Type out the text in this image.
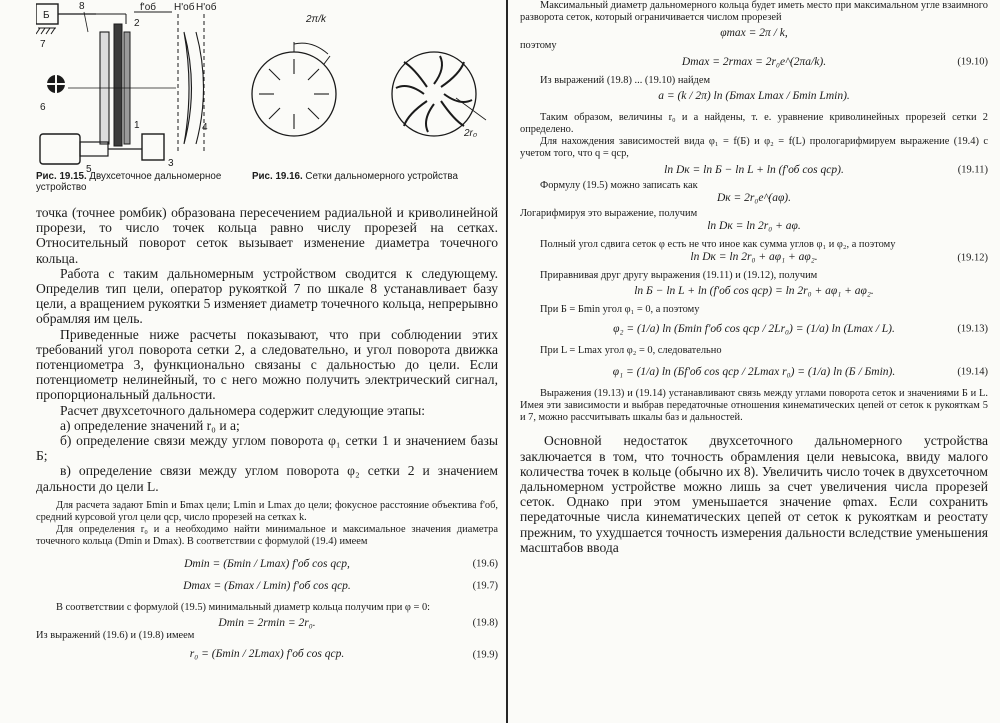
Б
7
8
6
2
1
f'об Н'об Н'об
4
5
3
2π/k
2r₀
Рис. 19.15. Двухсеточное дальномерное устройство
Рис. 19.16. Сетки дальномерного устройства

точка (точнее ромбик) образована пересечением радиальной и криволинейной прорези, то число точек кольца равно числу прорезей на сетках. Относительный поворот сеток вызывает изменение диаметра точечного кольца.

Работа с таким дальномерным устройством сводится к следующему. Определив тип цели, оператор рукояткой 7 по шкале 8 устанавливает базу цели, а вращением рукоятки 5 изменяет диаметр точечного кольца, непрерывно обрамляя им цель.

Приведенные ниже расчеты показывают, что при соблюдении этих требований угол поворота сетки 2, а следовательно, и угол поворота движка потенциометра 3, функционально связаны с дальностью до цели. Если потенциометр нелинейный, то с него можно получить электрический сигнал, пропорциональный дальности.

Расчет двухсеточного дальномера содержит следующие этапы:

а) определение значений r₀ и a;

б) определение связи между углом поворота φ₁ сетки 1 и значением базы Б;

в) определение связи между углом поворота φ₂ сетки 2 и значением дальности до цели L.

Для расчета задают Бmin и Бmax цели; Lmin и Lmax до цели; фокусное расстояние объектива f'об, средний курсовой угол цели qср, число прорезей на сетках k.

Для определения r₀ и a необходимо найти минимальное и максимальное значения диаметра точечного кольца (Dmin и Dmax). В соответствии с формулой (19.4) имеем

Dmin = (Бmin / Lmax) f'об cos qср,	(19.6)
Dmax = (Бmax / Lmin) f'об cos qср.	(19.7)

В соответствии с формулой (19.5) минимальный диаметр кольца получим при φ = 0:

Dmin = 2rmin = 2r₀.	(19.8)

Из выражений (19.6) и (19.8) имеем

r₀ = (Бmin / 2Lmax) f'об cos qср.	(19.9)

Максимальный диаметр дальномерного кольца будет иметь место при максимальном угле взаимного разворота сеток, который ограничивается числом прорезей

φmax = 2π / k,

поэтому

Dmax = 2rmax = 2r₀e^(2πa/k).	(19.10)

Из выражений (19.8) ... (19.10) найдем

a = (k / 2π) ln (Бmax Lmax / Бmin Lmin).

Таким образом, величины r₀ и a найдены, т. е. уравнение криволинейных прорезей сетки 2 определено.

Для нахождения зависимостей вида φ₁ = f(Б) и φ₂ = f(L) прологарифмируем выражение (19.4) с учетом того, что q = qср,

ln Dк = ln Б − ln L + ln (f'об cos qср).	(19.11)

Формулу (19.5) можно записать как

Dк = 2r₀e^(aφ).

Логарифмируя это выражение, получим

ln Dк = ln 2r₀ + aφ.

Полный угол сдвига сеток φ есть не что иное как сумма углов φ₁ и φ₂, а поэтому

ln Dк = ln 2r₀ + aφ₁ + aφ₂.	(19.12)

Приравнивая друг другу выражения (19.11) и (19.12), получим

ln Б − ln L + ln (f'об cos qср) = ln 2r₀ + aφ₁ + aφ₂.

При Б = Бmin угол φ₁ = 0, а поэтому

φ₂ = (1/a) ln (Бmin f'об cos qср / 2Lr₀) = (1/a) ln (Lmax / L).	(19.13)

При L = Lmax угол φ₂ = 0, следовательно

φ₁ = (1/a) ln (Бf'об cos qср / 2Lmax r₀) = (1/a) ln (Б / Бmin).	(19.14)

Выражения (19.13) и (19.14) устанавливают связь между углами поворота сеток и значениями Б и L. Имея эти зависимости и выбрав передаточные отношения кинематических цепей от сеток к рукояткам 5 и 7, можно рассчитывать шкалы баз и дальностей.

Основной недостаток двухсеточного дальномерного устройства заключается в том, что точность обрамления цели невысока, ввиду малого количества точек в кольце (обычно их 8). Увеличить число точек в двухсеточном дальномерном устройстве можно лишь за счет увеличения числа прорезей сеток. Однако при этом уменьшается значение φmax. Если сохранить передаточные числа кинематических цепей от сеток к рукояткам и реостату прежним, то ухудшается точность измерения дальности вследствие уменьшения масштабов ввода
